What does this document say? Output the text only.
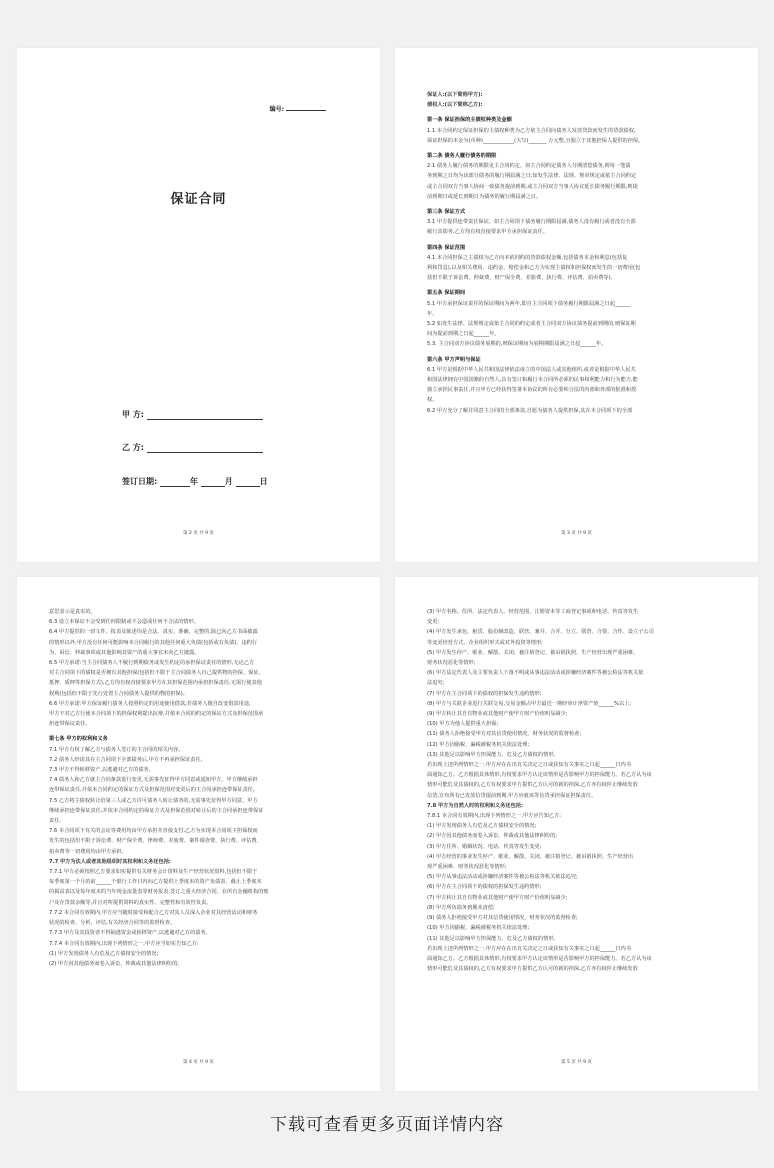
编号:
保证合同
甲 方:
乙 方:
签订日期:	年	月	日
第 2 页 共 9 页

保证人:(以下简称甲方):

债权人:(以下简称乙方):

第一条 保证担保的主债权种类及金额

1.1 本合同约定保证担保的主债权种类为乙方依主合同向债务人发放贷款而发生的贷款债权,

保证担保的本金为(币种)____________(大写)_______ 万元整,且独立于其他担保人提供的担保。

第二条 债务人履行债务的期限

2.1 债务人履行债务的期限见主合同约定。如主合同约定债务人分期清偿债务,则每一笔债

务到期之日均为该部分债务的履行期届满之日;如发生法律、法规、规章规定或依主合同约定

或主合同双方当事人协商一致债务提前到期,或主合同双方当事人协议延长债务履行期限,则提

前到期日或延长到期日为债务的履行期届满之日。

第三条 保证方式

3.1 甲方提供连带责任保证。如主合同项下债务履行期限届满,债务人没有履行或者没有全部

履行其债务,乙方均有权直接要求甲方承担保证责任。

第四条 保证范围

4.1 本合同担保之主债权为乙方向本依同约的贷款债权金额,包括债务本金和利息(包括复

利和罚息),以及相关费用、违约金、赔偿金和乙方为实现主债权和担保权而发生的一切费用(包

括但不限于诉讼费、仲裁费、财产保全费、差旅费、执行费、评估费、拍卖费等)。

第五条 保证期间

5.1 甲方承担保证责任的保证期间为两年,即自主合同项下债务履行期限届满之日起______

年。

5.2 如发生法律、法规规定或依主合同的约定或者主合同双方协议债务提前到期的,则保证期

间为提前到期之日起______年。

5.3. 主合同双方协议债务展期的,则保证期间为展期期限届满之日起______年。

第六条 甲方声明与保证

6.1 甲方是根据中华人民共和国法律依法成立的中国法人或其他组织,或者是根据中华人民共

和国法律拥有中国国籍的自然人,具有签订和履行本合同所必须的民事权利能力和行为能力,能

独立承担民事责任,并且甲方已经获得签署本协议的所有必要和合法的内部和外部的批准和授

权。

6.2 甲方充分了解并同意主合同的全部条款,自愿为债务人提供担保,其在本合同项下的全部

第 3 页 共 9 页

意思表示是真实的。

6.3 设立本保证不会受到任何限制或不会造成任何不合法的情形。

6.4 甲方提供的一切文件、报表及陈述均是合法、真实、准确、完整的,除已向乙方书面披露

的情形以外,甲方没有任何可能影响本合同履行的其他任何重大负债(包括或有负债)、违约行

为、诉讼、仲裁事项或其他影响其资产的重大事宜未向乙方披露。

6.5 甲方承诺:当主合同债务人不履行到期债务或发生约定的承担保证责任的情形,无论乙方

对主合同项下的债权是否拥有其他担保(包括但不限于主合同债务人自己提供物的担保、保证、

抵押、质押等担保方式),乙方均有权直接要求甲方在其担保范围内承担担保责任;无需行使其他

权利(包括但不限于先行处置主合同债务人提供的物的担保)。

6.6 甲方承诺:甲方保证履行债务人按照约定的用途使用借款,若债务人擅自改变借款用途,

甲方不对乙方行使本合同项下的担保权利提出抗辩,并依本合同的约定的保证方式及担保范围承

担连带保证责任。

第七条 甲方的权利和义务

7.1 甲方有权了解乙方与债务人签订的主合同的相关内容。

7.2 债务人经请其在主合同项下全部债务后,甲方不再承担保证责任。

7.3 甲方不得转移资产,以逃避对乙方的债务。

7.4 债务人和乙方就主合同条款进行变更,无需事先征得甲方同意或通知甲方。甲方继续承担

连带保证责任,并依本合同约定的保证方式及担保范围对变更后的主合同承担连带保证责任。

7.5 乙方将主债权转让给第三人或乙方许可债务人转让债务的,无需事先征得甲方同意。甲方

继续承担连带保证责任,并依本合同约定的保证方式及担保范围对转让后的主合同承担连带保证

责任。

7.6 本合同项下有关的会证等费用均由甲方承担并直接支付,乙方为实现本合同项下担保权而

发生的包括但不限于诉讼费、财产保全费、律师费、差旅费、案件调查费、执行费、评估费、

拍卖费等一切费用均由甲方承担。

7.7 甲方为法人或者其他组织时其权利和义务还包括:

7.7.1 甲方必须按照乙方要求如实提供有关财务会计资料及生产经营状况资料,包括但不限于

每季度第一个月的前______个银行工作日内向乙方提供上季度末的资产负债表、截止上季度末

的损益表以及每年度末的当年现金流量表等财务报表,签订之重大经济合同、在所有金融机构的账

户及存贷款余额等,并且对所提供资料的真实性、完整性和有效性负责。

7.7.2 本合同有效期内,甲方应当随时接受和配合乙方对其人员深入企业对其经营活动和财务

状况的检查、分析、评估,有关经济合同等的监督检查。

7.7.3 甲方及其投资者不得抽逃资金或转移资产,以逃避对乙方的债务。

7.7.4 本合同有效期内,出现下列情形之一,甲方应当如实告知乙方:

(1) 甲方发现债务人有危及乙方债权安全的情况;

(2) 甲方因其他债务而卷入诉讼、仲裁或其他法律纠纷的;

第 4 页 共 9 页

(3) 甲方名称、住所、法定代表人、经营范围、注册资本等工商登记事项和电话、传真等发生

变更;

(4) 甲方发生承包、租赁、股份制改造、联营、兼并、合并、分立、联营、合资、合作、设立子公司

等变更经营方式、企业组织形式或对外投资等情形;

(5) 甲方发生停产、歇业、解散、关闭、被注销登记、被吊销执照、生产经营出现严重困难、

财务状况恶化等情形;

(6) 甲方法定代表人及主要负责人下落不明或从事违法活动或涉嫌经济案件等被公检法等机关依

法追究;

(7) 甲方在主合同项下的债权的担保发生违约情形;

(8) 甲方与关联企业进行关联交易,交易金额占甲方最近一期经审计净资产值______%以上;

(9) 甲方转让其自有物业或其他财产使甲方财产价值明显减少;

(10) 甲方为他人提供重大担保;

(11) 债务人拒绝接受甲方对其信贷使用情况、财务状况的监督检查;

(12) 甲方因偷税、漏税被税务机关依法处理;

(13) 其他足以影响甲方担保能力、危及乙方债权的情形。

若出现上述所列情形之一,甲方应在在出有关决定之日或获知有关事实之日起______日内书

面通知乙方。乙方根据具体情形,有权要求甲方认定该情形是否影响甲方的担保能力。若乙方认为该

情形可能危及其债权的,乙方有权要求甲方提供乙方认可的新的担保,乙方亦有权停止继续发放

信贷,宣布所有已发放信贷提前到期,甲方应就该等信贷承担保证担保责任。

7.8 甲方为自然人时的权利和义务还包括:

7.8.1 本合同有效期内,出现下列情形之一,甲方应告知乙方:

(1) 甲方发现债务人有危及乙方债权安全的情况;

(2) 甲方因其他债务而卷入诉讼、仲裁或其他法律纠纷的;

(3) 甲方住所、婚姻状况、电话、传真等发生变更;

(4) 甲方经营的事业发生停产、歇业、解散、关闭、被注销登记、被吊销执照、生产经营出

现严重困难、财务状况恶化等情形;

(5) 甲方从事违法活动或涉嫌经济案件等被公检法等机关依法追究;

(6) 甲方在主合同项下的债权的担保发生违约情形;

(7) 甲方转让其自有物业或其他财产使甲方财产价值明显减少;

(8) 甲方所负债务到期未清偿;

(9) 债务人拒绝接受甲方对其信贷使用情况、财务状况的监督检查;

(10) 甲方因偷税、漏税被税务机关依法处理;

(11) 其他足以影响甲方担保能力、危及乙方债权的情形。

若出现上述所列情形之一,甲方应在在出有关决定之日或获知有关事实之日起______日内书

面通知乙方。乙方根据具体情形,有权要求甲方认定该情形是否影响甲方的担保能力。若乙方认为该

情形可能危及其债权的,乙方有权要求甲方提供乙方认可的新的担保,乙方亦有权停止继续发放

第 5 页 共 9 页
下载可查看更多页面详情内容
